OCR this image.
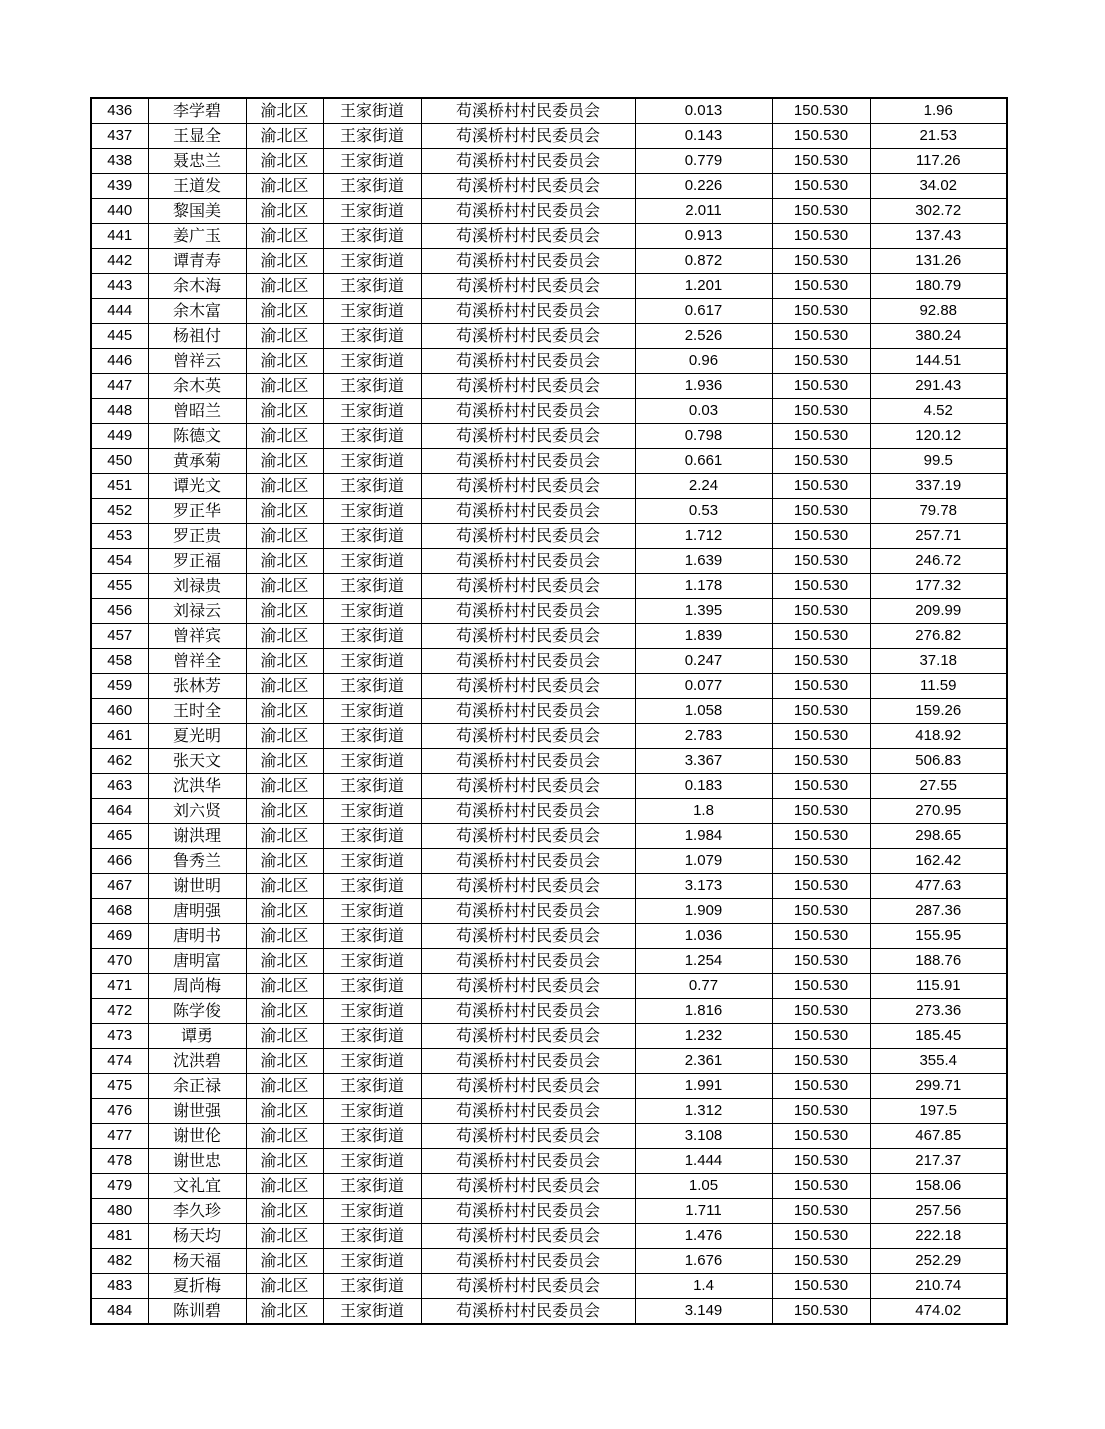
436	李学碧	渝北区	王家街道	苟溪桥村村民委员会	0.013	150.530	1.96
437	王显全	渝北区	王家街道	苟溪桥村村民委员会	0.143	150.530	21.53
438	聂忠兰	渝北区	王家街道	苟溪桥村村民委员会	0.779	150.530	117.26
439	王道发	渝北区	王家街道	苟溪桥村村民委员会	0.226	150.530	34.02
440	黎国美	渝北区	王家街道	苟溪桥村村民委员会	2.011	150.530	302.72
441	姜广玉	渝北区	王家街道	苟溪桥村村民委员会	0.913	150.530	137.43
442	谭青寿	渝北区	王家街道	苟溪桥村村民委员会	0.872	150.530	131.26
443	余木海	渝北区	王家街道	苟溪桥村村民委员会	1.201	150.530	180.79
444	余木富	渝北区	王家街道	苟溪桥村村民委员会	0.617	150.530	92.88
445	杨祖付	渝北区	王家街道	苟溪桥村村民委员会	2.526	150.530	380.24
446	曾祥云	渝北区	王家街道	苟溪桥村村民委员会	0.96	150.530	144.51
447	余木英	渝北区	王家街道	苟溪桥村村民委员会	1.936	150.530	291.43
448	曾昭兰	渝北区	王家街道	苟溪桥村村民委员会	0.03	150.530	4.52
449	陈德文	渝北区	王家街道	苟溪桥村村民委员会	0.798	150.530	120.12
450	黄承菊	渝北区	王家街道	苟溪桥村村民委员会	0.661	150.530	99.5
451	谭光文	渝北区	王家街道	苟溪桥村村民委员会	2.24	150.530	337.19
452	罗正华	渝北区	王家街道	苟溪桥村村民委员会	0.53	150.530	79.78
453	罗正贵	渝北区	王家街道	苟溪桥村村民委员会	1.712	150.530	257.71
454	罗正福	渝北区	王家街道	苟溪桥村村民委员会	1.639	150.530	246.72
455	刘禄贵	渝北区	王家街道	苟溪桥村村民委员会	1.178	150.530	177.32
456	刘禄云	渝北区	王家街道	苟溪桥村村民委员会	1.395	150.530	209.99
457	曾祥宾	渝北区	王家街道	苟溪桥村村民委员会	1.839	150.530	276.82
458	曾祥全	渝北区	王家街道	苟溪桥村村民委员会	0.247	150.530	37.18
459	张林芳	渝北区	王家街道	苟溪桥村村民委员会	0.077	150.530	11.59
460	王时全	渝北区	王家街道	苟溪桥村村民委员会	1.058	150.530	159.26
461	夏光明	渝北区	王家街道	苟溪桥村村民委员会	2.783	150.530	418.92
462	张天文	渝北区	王家街道	苟溪桥村村民委员会	3.367	150.530	506.83
463	沈洪华	渝北区	王家街道	苟溪桥村村民委员会	0.183	150.530	27.55
464	刘六贤	渝北区	王家街道	苟溪桥村村民委员会	1.8	150.530	270.95
465	谢洪理	渝北区	王家街道	苟溪桥村村民委员会	1.984	150.530	298.65
466	鲁秀兰	渝北区	王家街道	苟溪桥村村民委员会	1.079	150.530	162.42
467	谢世明	渝北区	王家街道	苟溪桥村村民委员会	3.173	150.530	477.63
468	唐明强	渝北区	王家街道	苟溪桥村村民委员会	1.909	150.530	287.36
469	唐明书	渝北区	王家街道	苟溪桥村村民委员会	1.036	150.530	155.95
470	唐明富	渝北区	王家街道	苟溪桥村村民委员会	1.254	150.530	188.76
471	周尚梅	渝北区	王家街道	苟溪桥村村民委员会	0.77	150.530	115.91
472	陈学俊	渝北区	王家街道	苟溪桥村村民委员会	1.816	150.530	273.36
473	谭勇	渝北区	王家街道	苟溪桥村村民委员会	1.232	150.530	185.45
474	沈洪碧	渝北区	王家街道	苟溪桥村村民委员会	2.361	150.530	355.4
475	余正禄	渝北区	王家街道	苟溪桥村村民委员会	1.991	150.530	299.71
476	谢世强	渝北区	王家街道	苟溪桥村村民委员会	1.312	150.530	197.5
477	谢世伦	渝北区	王家街道	苟溪桥村村民委员会	3.108	150.530	467.85
478	谢世忠	渝北区	王家街道	苟溪桥村村民委员会	1.444	150.530	217.37
479	文礼宜	渝北区	王家街道	苟溪桥村村民委员会	1.05	150.530	158.06
480	李久珍	渝北区	王家街道	苟溪桥村村民委员会	1.711	150.530	257.56
481	杨天均	渝北区	王家街道	苟溪桥村村民委员会	1.476	150.530	222.18
482	杨天福	渝北区	王家街道	苟溪桥村村民委员会	1.676	150.530	252.29
483	夏折梅	渝北区	王家街道	苟溪桥村村民委员会	1.4	150.530	210.74
484	陈训碧	渝北区	王家街道	苟溪桥村村民委员会	3.149	150.530	474.02
